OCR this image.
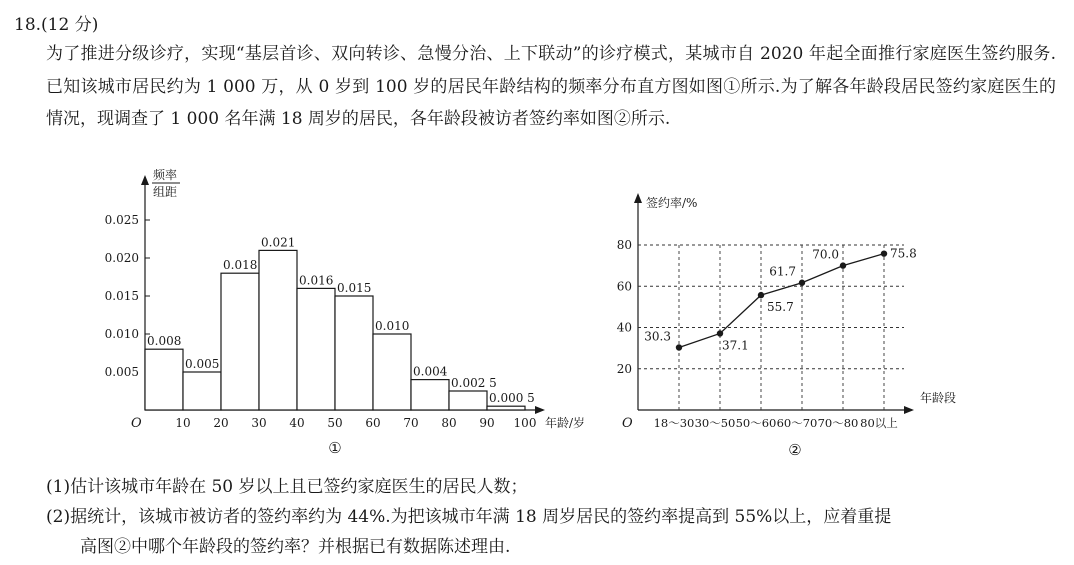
18.(12 分)
为了推进分级诊疗，实现“基层首诊、双向转诊、急慢分治、上下联动”的诊疗模式，某城市自 2020 年起全面推行家庭医生签约服务.已知该城市居民约为 1 000 万，从 0 岁到 100 岁的居民年龄结构的频率分布直方图如图①所示.为了解各年龄段居民签约家庭医生的情况，现调查了 1 000 名年满 18 周岁的居民，各年龄段被访者签约率如图②所示.
频率
组距
O
0.005
0.010
0.015
0.020
0.025
10 20 30 40 50 60 70 80 90 100 年龄/岁
0.008
0.005
0.018
0.021
0.016
0.015
0.010
0.004
0.002 5
0.000 5
①
签约率/%
O
年龄段
20
40
60
80
18～30 30～50 50～60 60～70 70～80 80以上
30.3
37.1
55.7
61.7
70.0	75.8
②

(1)估计该城市年龄在 50 岁以上且已签约家庭医生的居民人数；

(2)据统计，该城市被访者的签约率约为 44%.为把该城市年满 18 周岁居民的签约率提高到 55%以上，应着重提
高图②中哪个年龄段的签约率？并根据已有数据陈述理由.
